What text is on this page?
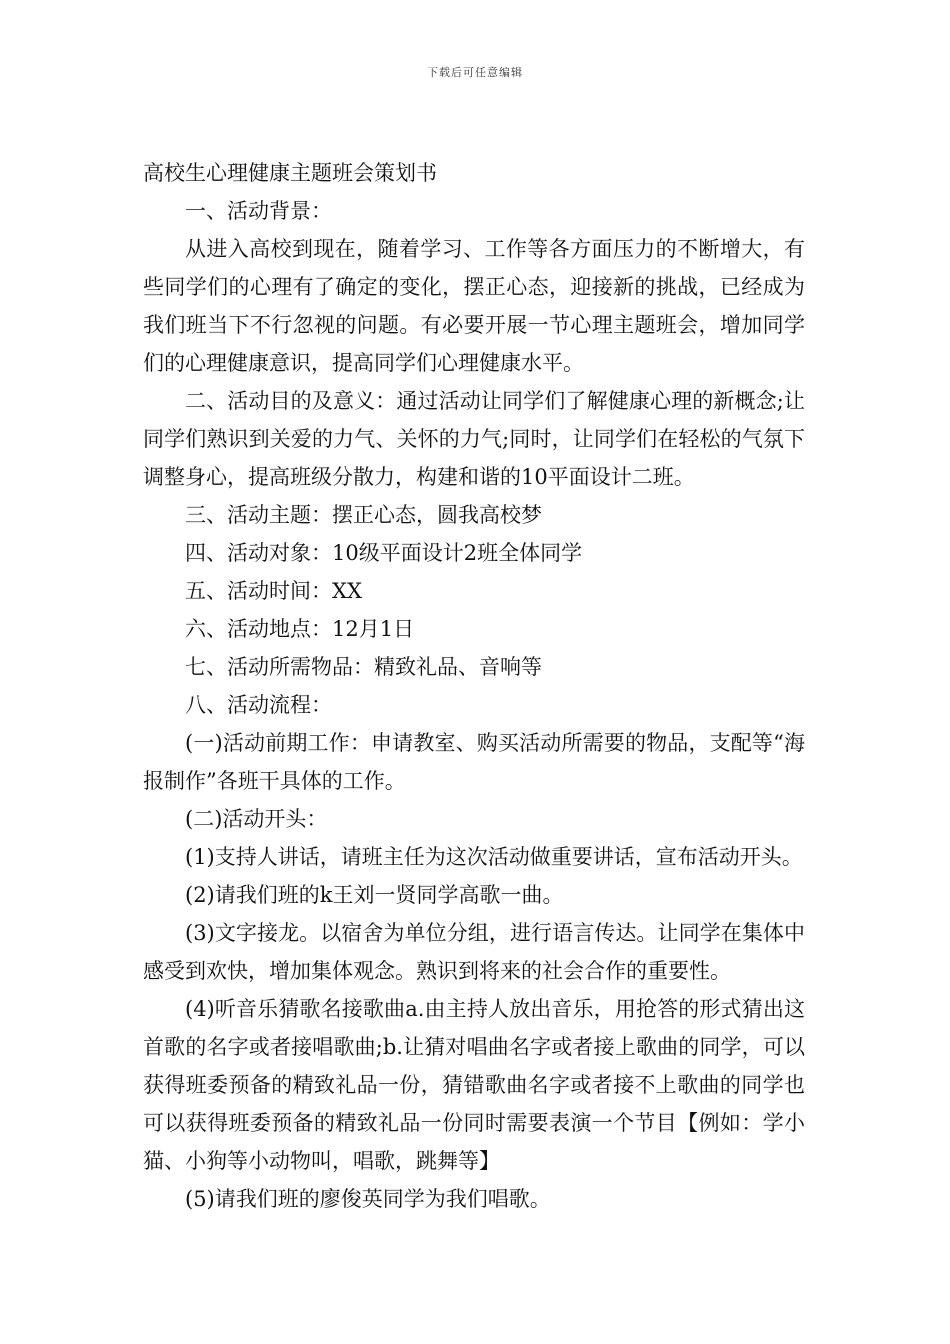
下载后可任意编辑

高校生心理健康主题班会策划书

一、活动背景：

从进入高校到现在，随着学习、工作等各方面压力的不断增大，有些同学们的心理有了确定的变化，摆正心态，迎接新的挑战，已经成为我们班当下不行忽视的问题。有必要开展一节心理主题班会，增加同学们的心理健康意识，提高同学们心理健康水平。

二、活动目的及意义：通过活动让同学们了解健康心理的新概念;让同学们熟识到关爱的力气、关怀的力气;同时，让同学们在轻松的气氛下调整身心，提高班级分散力，构建和谐的10平面设计二班。

三、活动主题：摆正心态，圆我高校梦

四、活动对象：10级平面设计2班全体同学

五、活动时间：XX

六、活动地点：12月1日

七、活动所需物品：精致礼品、音响等

八、活动流程：

(一)活动前期工作：申请教室、购买活动所需要的物品，支配等“海报制作”各班干具体的工作。

(二)活动开头：

(1)支持人讲话，请班主任为这次活动做重要讲话，宣布活动开头。

(2)请我们班的k王刘一贤同学高歌一曲。

(3)文字接龙。以宿舍为单位分组，进行语言传达。让同学在集体中感受到欢快，增加集体观念。熟识到将来的社会合作的重要性。

(4)听音乐猜歌名接歌曲a.由主持人放出音乐，用抢答的形式猜出这首歌的名字或者接唱歌曲;b.让猜对唱曲名字或者接上歌曲的同学，可以获得班委预备的精致礼品一份，猜错歌曲名字或者接不上歌曲的同学也可以获得班委预备的精致礼品一份同时需要表演一个节目【例如：学小猫、小狗等小动物叫，唱歌，跳舞等】

(5)请我们班的廖俊英同学为我们唱歌。
